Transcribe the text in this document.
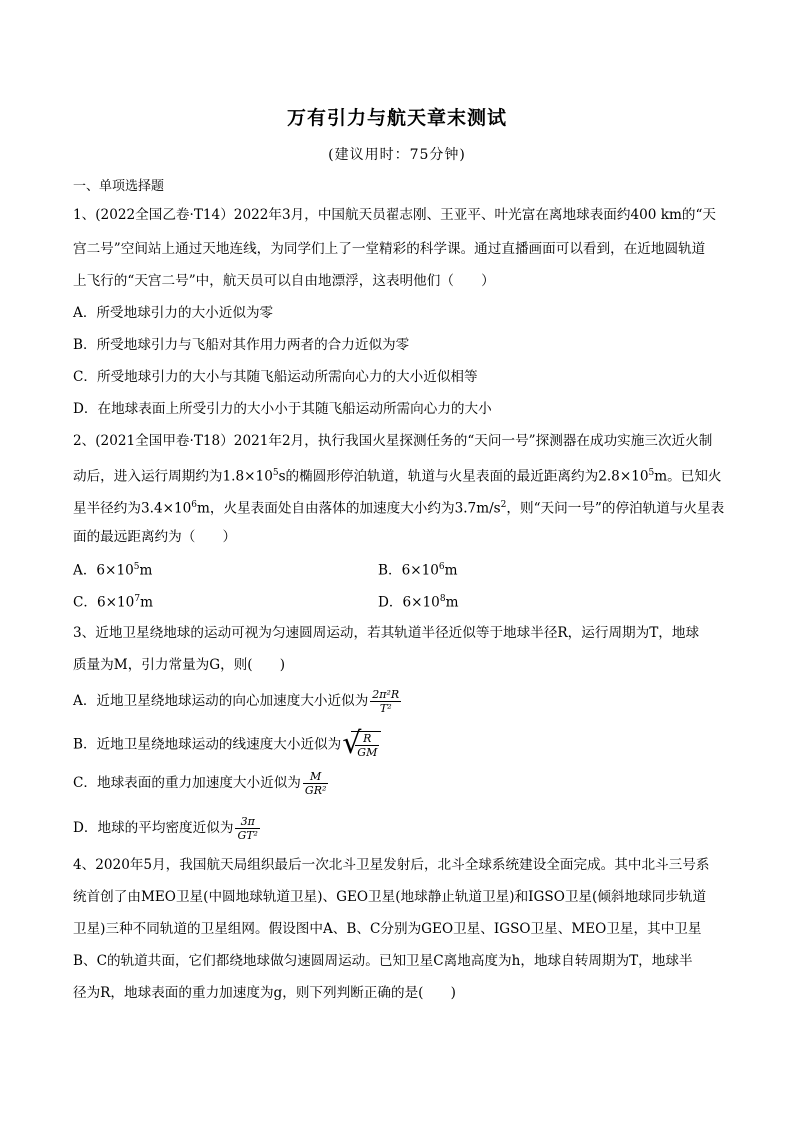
万有引力与航天章末测试
(建议用时：75分钟)
一、单项选择题
1、(2022全国乙卷·T14）2022年3月，中国航天员翟志刚、王亚平、叶光富在离地球表面约400 km的“天
宫二号”空间站上通过天地连线，为同学们上了一堂精彩的科学课。通过直播画面可以看到，在近地圆轨道
上飞行的“天宫二号”中，航天员可以自由地漂浮，这表明他们（　　）
A．所受地球引力的大小近似为零
B．所受地球引力与飞船对其作用力两者的合力近似为零
C．所受地球引力的大小与其随飞船运动所需向心力的大小近似相等
D．在地球表面上所受引力的大小小于其随飞船运动所需向心力的大小
2、(2021全国甲卷·T18）2021年2月，执行我国火星探测任务的“天问一号”探测器在成功实施三次近火制
动后，进入运行周期约为$1.8\times 10^5s$的椭圆形停泊轨道，轨道与火星表面的最近距离约为$2.8\times 10^5m$。已知火
星半径约为$3.4\times 10^6m$，火星表面处自由落体的加速度大小约为$3.7m/s^2$，则“天问一号”的停泊轨道与火星表
面的最远距离约为（　　）
A．$6\times 10^5m$	B．$6\times 10^6m$
C．$6\times 10^7m$	D．$6\times 10^8m$
3、近地卫星绕地球的运动可视为匀速圆周运动，若其轨道半径近似等于地球半径R，运行周期为T，地球
质量为M，引力常量为G，则(　　)
A．近地卫星绕地球运动的向心加速度大小近似为 $\frac{\text{2π²R}}{\text{T²}}$
B．近地卫星绕地球运动的线速度大小近似为 √
$\frac{R}{GM}$
C．地球表面的重力加速度大小近似为 $\frac{M}{\text{GR²}}$
D．地球的平均密度近似为 $\frac{3\pi}{\text{GT²}}$
4、2020年5月，我国航天局组织最后一次北斗卫星发射后，北斗全球系统建设全面完成。其中北斗三号系
统首创了由MEO卫星(中圆地球轨道卫星)、GEO卫星(地球静止轨道卫星)和IGSO卫星(倾斜地球同步轨道
卫星)三种不同轨道的卫星组网。假设图中A、B、C分别为GEO卫星、IGSO卫星、MEO卫星，其中卫星
B、C的轨道共面，它们都绕地球做匀速圆周运动。已知卫星C离地高度为h，地球自转周期为T，地球半
径为R，地球表面的重力加速度为g，则下列判断正确的是(　　)
